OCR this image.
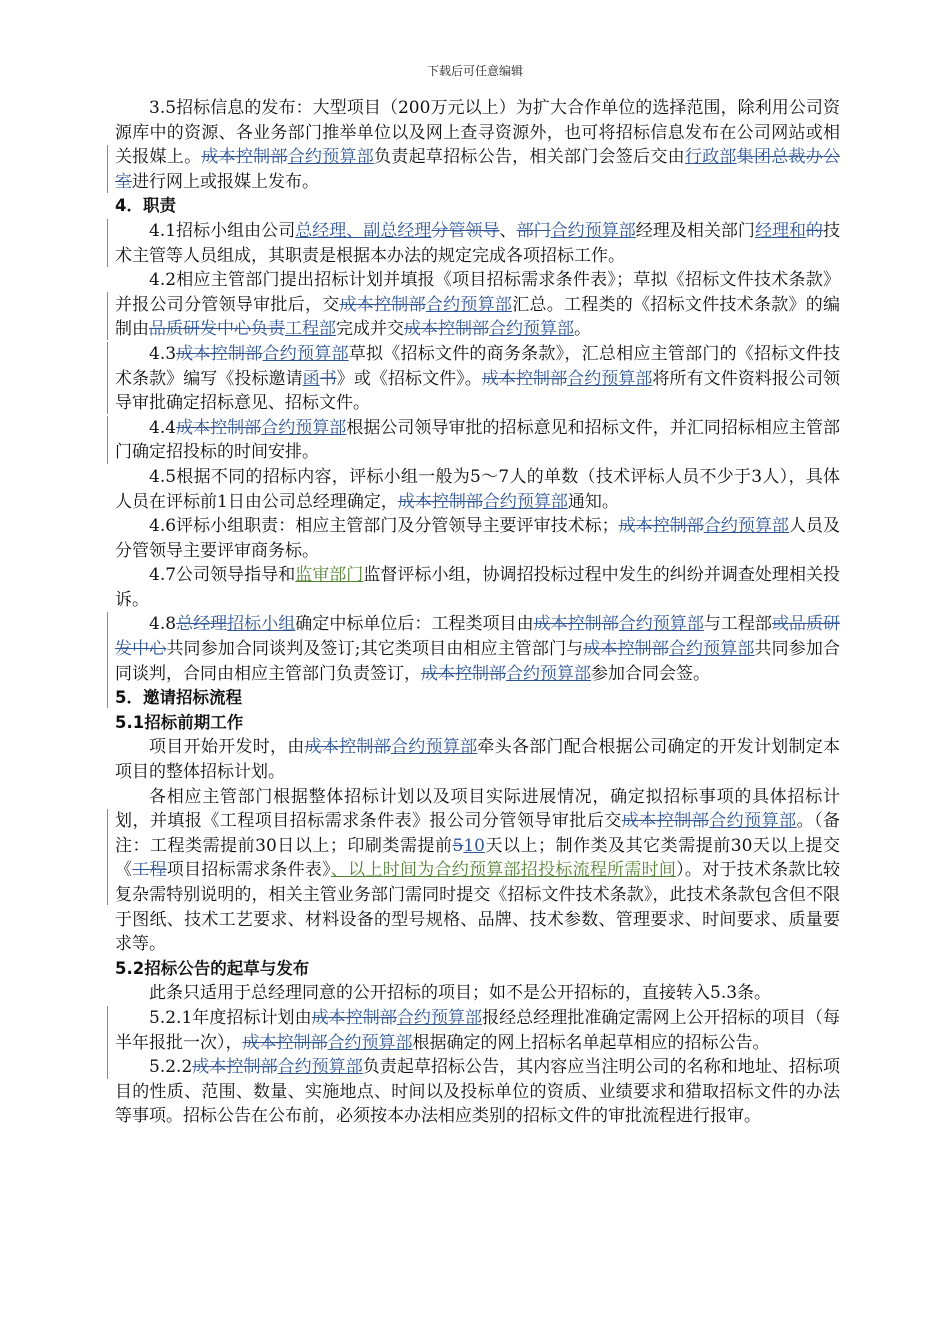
下载后可任意编辑

3.5招标信息的发布：大型项目（200万元以上）为扩大合作单位的选择范围，除利用公司资源库中的资源、各业务部门推举单位以及网上查寻资源外，也可将招标信息发布在公司网站或相关报媒上。成本控制部合约预算部负责起草招标公告，相关部门会签后交由行政部集团总裁办公室进行网上或报媒上发布。

4．职责

4.1招标小组由公司总经理、副总经理分管领导、部门合约预算部经理及相关部门经理和的技术主管等人员组成，其职责是根据本办法的规定完成各项招标工作。

4.2相应主管部门提出招标计划并填报《项目招标需求条件表》；草拟《招标文件技术条款》并报公司分管领导审批后，交成本控制部合约预算部汇总。工程类的《招标文件技术条款》的编制由品质研发中心负责工程部完成并交成本控制部合约预算部。

4.3成本控制部合约预算部草拟《招标文件的商务条款》，汇总相应主管部门的《招标文件技术条款》编写《投标邀请函书》或《招标文件》。成本控制部合约预算部将所有文件资料报公司领导审批确定招标意见、招标文件。

4.4成本控制部合约预算部根据公司领导审批的招标意见和招标文件，并汇同招标相应主管部门确定招投标的时间安排。

4.5根据不同的招标内容，评标小组一般为5～7人的单数（技术评标人员不少于3人），具体人员在评标前1日由公司总经理确定，成本控制部合约预算部通知。

4.6评标小组职责：相应主管部门及分管领导主要评审技术标；成本控制部合约预算部人员及分管领导主要评审商务标。

4.7公司领导指导和监审部门监督评标小组，协调招投标过程中发生的纠纷并调查处理相关投诉。

4.8总经理招标小组确定中标单位后：工程类项目由成本控制部合约预算部与工程部或品质研发中心共同参加合同谈判及签订;其它类项目由相应主管部门与成本控制部合约预算部共同参加合同谈判，合同由相应主管部门负责签订，成本控制部合约预算部参加合同会签。

5．邀请招标流程

5.1招标前期工作

项目开始开发时，由成本控制部合约预算部牵头各部门配合根据公司确定的开发计划制定本项目的整体招标计划。

各相应主管部门根据整体招标计划以及项目实际进展情况，确定拟招标事项的具体招标计划，并填报《工程项目招标需求条件表》报公司分管领导审批后交成本控制部合约预算部。（备注：工程类需提前30日以上；印刷类需提前510天以上；制作类及其它类需提前30天以上提交《工程项目招标需求条件表》、以上时间为合约预算部招投标流程所需时间）。对于技术条款比较复杂需特别说明的，相关主管业务部门需同时提交《招标文件技术条款》，此技术条款包含但不限于图纸、技术工艺要求、材料设备的型号规格、品牌、技术参数、管理要求、时间要求、质量要求等。

5.2招标公告的起草与发布

此条只适用于总经理同意的公开招标的项目；如不是公开招标的，直接转入5.3条。

5.2.1年度招标计划由成本控制部合约预算部报经总经理批准确定需网上公开招标的项目（每半年报批一次），成本控制部合约预算部根据确定的网上招标名单起草相应的招标公告。

5.2.2成本控制部合约预算部负责起草招标公告，其内容应当注明公司的名称和地址、招标项目的性质、范围、数量、实施地点、时间以及投标单位的资质、业绩要求和猎取招标文件的办法等事项。招标公告在公布前，必须按本办法相应类别的招标文件的审批流程进行报审。
